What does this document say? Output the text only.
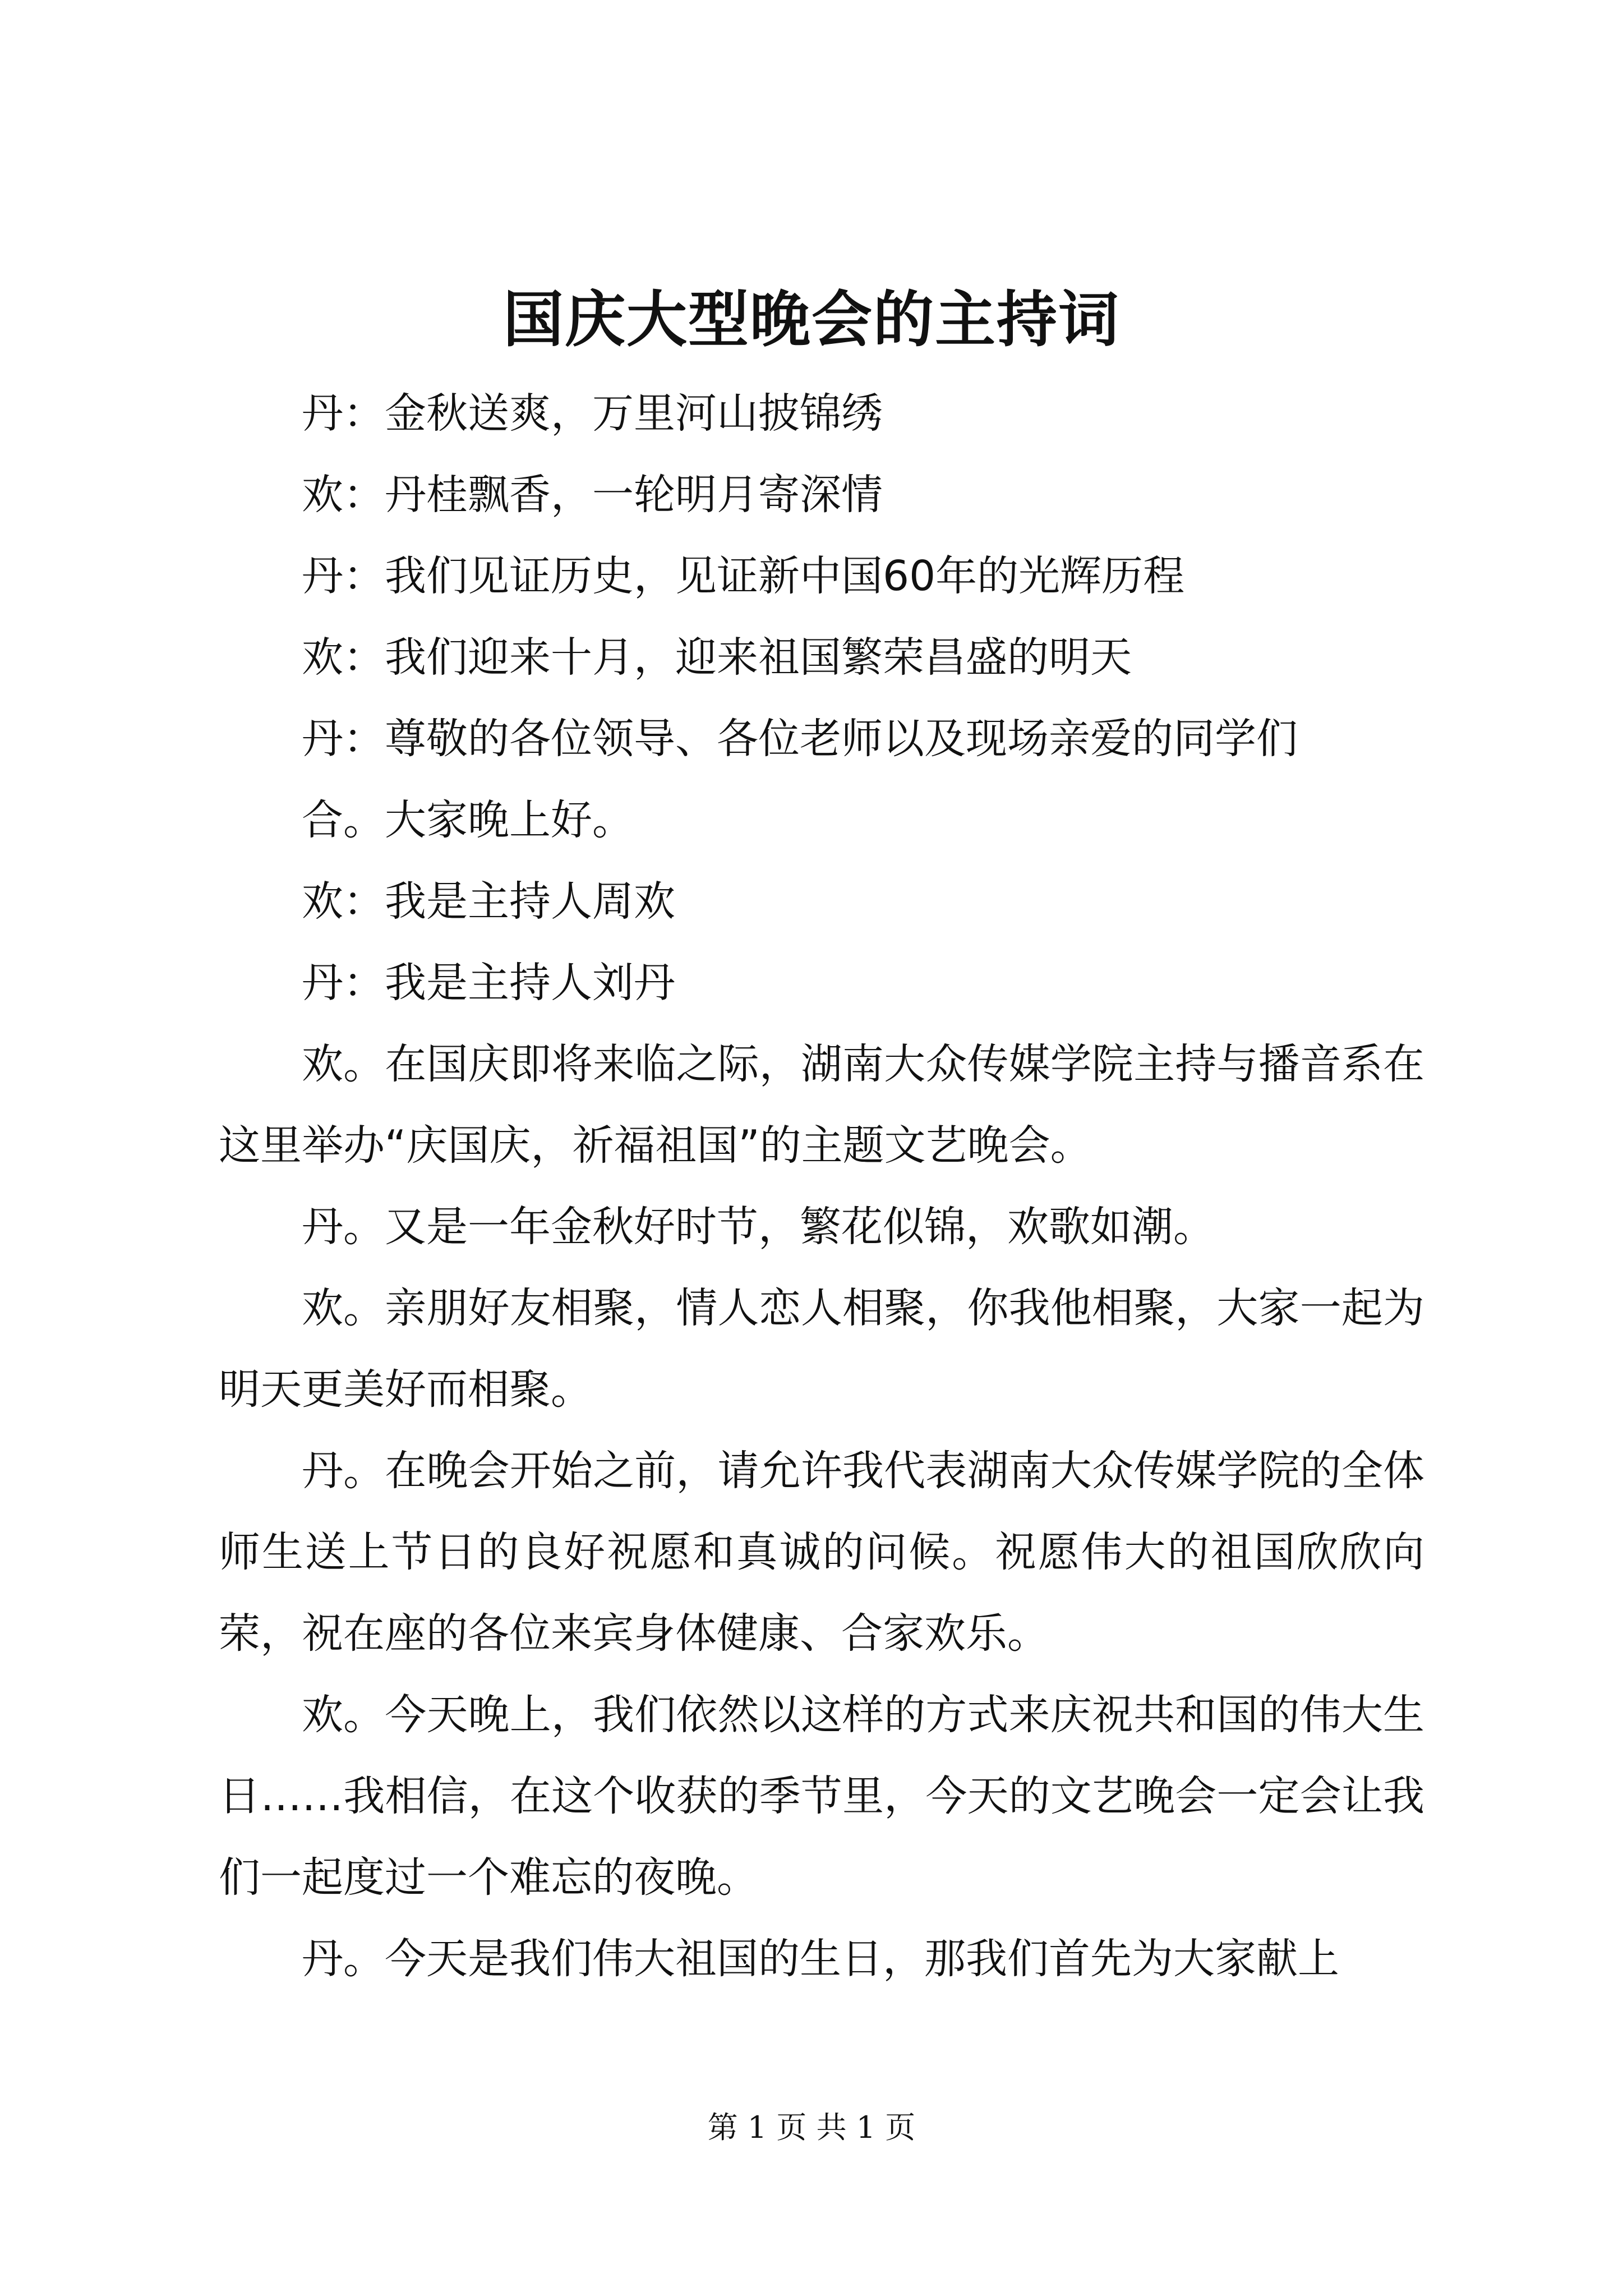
国庆大型晚会的主持词

丹：金秋送爽，万里河山披锦绣

欢：丹桂飘香，一轮明月寄深情

丹：我们见证历史，见证新中国60年的光辉历程

欢：我们迎来十月，迎来祖国繁荣昌盛的明天

丹：尊敬的各位领导、各位老师以及现场亲爱的同学们

合。大家晚上好。

欢：我是主持人周欢

丹：我是主持人刘丹

欢。在国庆即将来临之际，湖南大众传媒学院主持与播音系在这里举办“庆国庆，祈福祖国”的主题文艺晚会。

丹。又是一年金秋好时节，繁花似锦，欢歌如潮。

欢。亲朋好友相聚，情人恋人相聚，你我他相聚，大家一起为明天更美好而相聚。

丹。在晚会开始之前，请允许我代表湖南大众传媒学院的全体师生送上节日的良好祝愿和真诚的问候。祝愿伟大的祖国欣欣向荣，祝在座的各位来宾身体健康、合家欢乐。

欢。今天晚上，我们依然以这样的方式来庆祝共和国的伟大生日……我相信，在这个收获的季节里，今天的文艺晚会一定会让我们一起度过一个难忘的夜晚。

丹。今天是我们伟大祖国的生日，那我们首先为大家献上

第 1 页 共 1 页
